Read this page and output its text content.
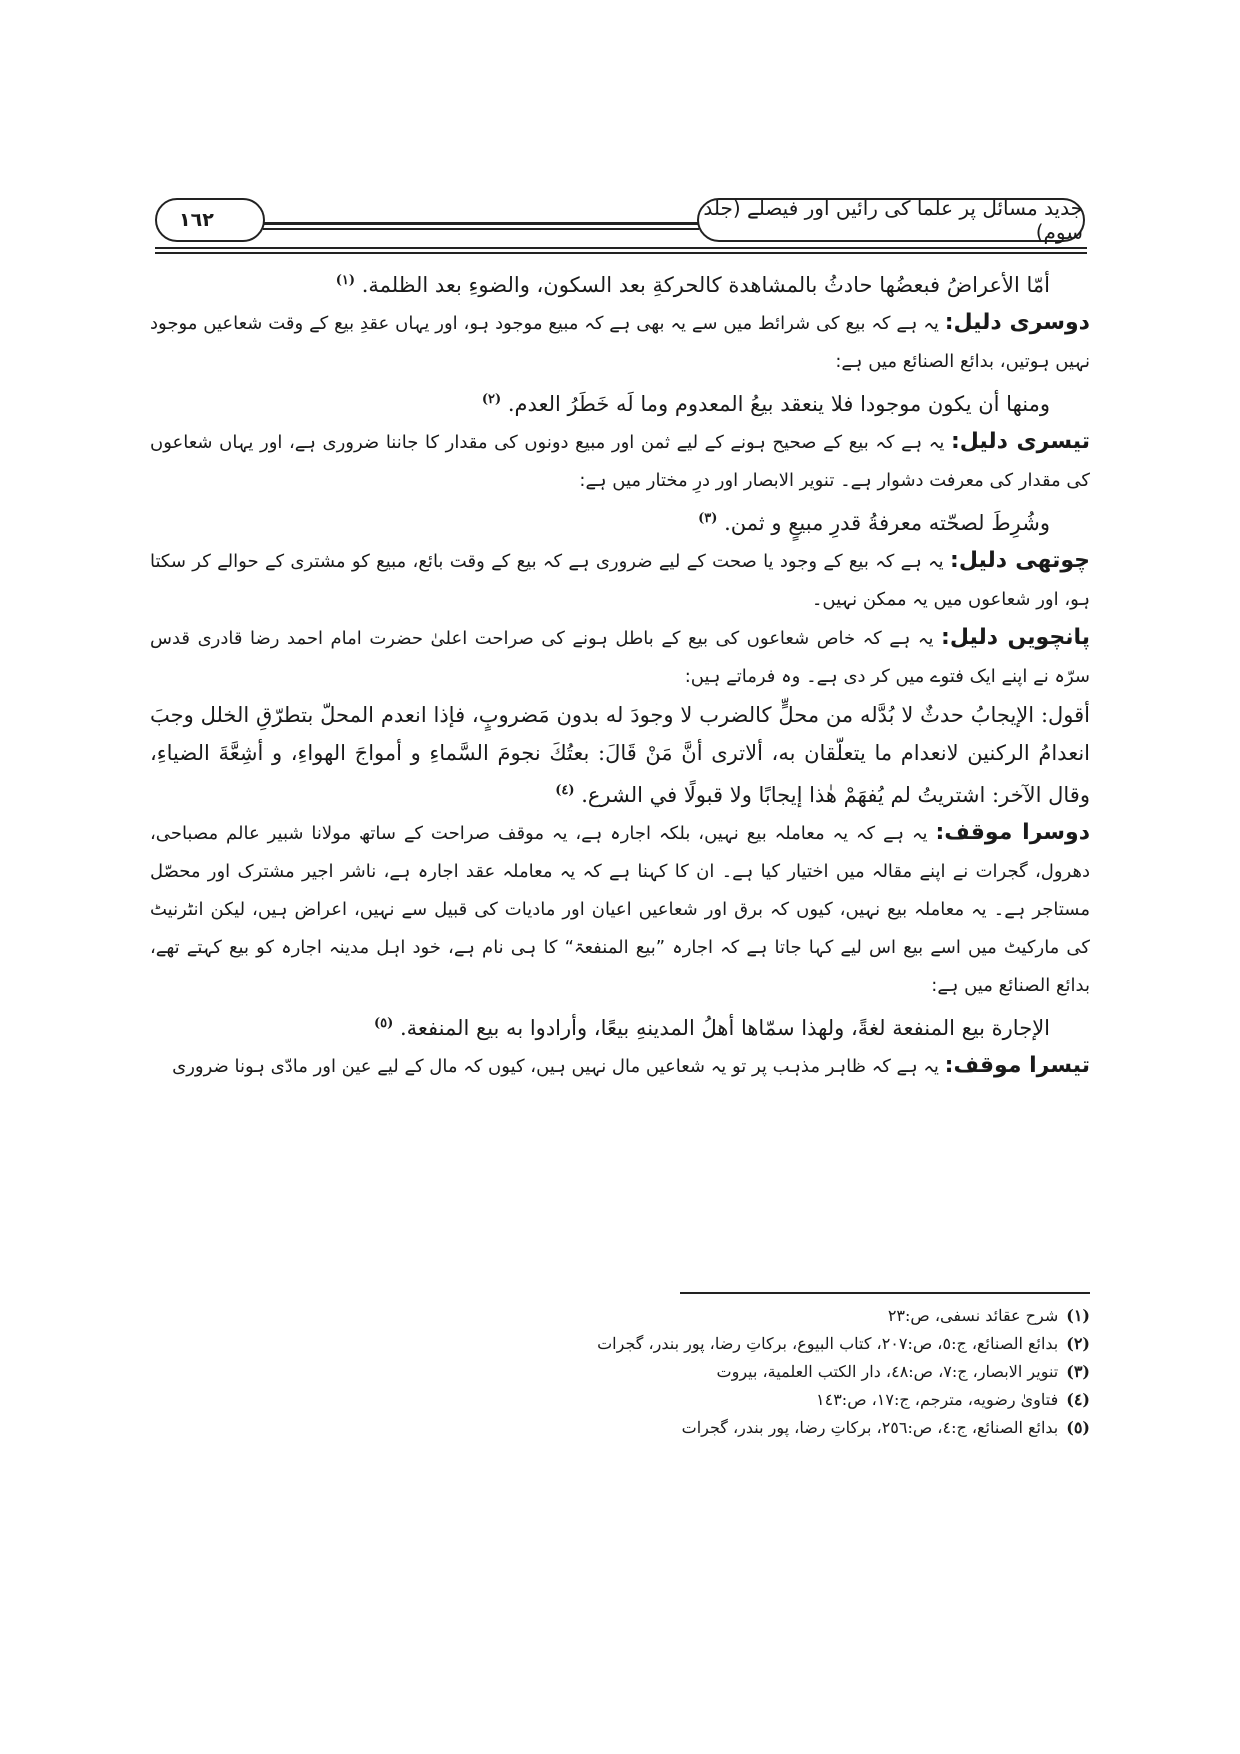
١٦٢	جدید مسائل پر علما کی رائیں اور فیصلے (جلد سوم)

أمّا الأعراضُ فبعضُها حادثُ بالمشاهدة كالحركةِ بعد السكون، والضوءِ بعد الظلمة. $^{(١)}$

دوسری دلیل: یہ ہے کہ بیع کی شرائط میں سے یہ بھی ہے کہ مبیع موجود ہو، اور یہاں عقدِ بیع کے وقت شعاعیں موجود نہیں ہوتیں، بدائع الصنائع میں ہے:

ومنها أن یکون موجودا فلا ینعقد بیعُ المعدوم وما لَه خَطَرُ العدم. $^{(٢)}$

تیسری دلیل: یہ ہے کہ بیع کے صحیح ہونے کے لیے ثمن اور مبیع دونوں کی مقدار کا جاننا ضروری ہے، اور یہاں شعاعوں کی مقدار کی معرفت دشوار ہے۔ تنویر الابصار اور درِ مختار میں ہے:

وشُرِطَ لصحّته معرفةُ قدرِ مبیعٍ و ثمن. $^{(٣)}$

چوتھی دلیل: یہ ہے کہ بیع کے وجود یا صحت کے لیے ضروری ہے کہ بیع کے وقت بائع، مبیع کو مشتری کے حوالے کر سکتا ہو، اور شعاعوں میں یہ ممکن نہیں۔

پانچویں دلیل: یہ ہے کہ خاص شعاعوں کی بیع کے باطل ہونے کی صراحت اعلیٰ حضرت امام احمد رضا قادری قدس سرّہ نے اپنے ایک فتوے میں کر دی ہے۔ وہ فرماتے ہیں:

أقول: الإیجابُ حدثٌ لا بُدَّله من محلٍّ کالضرب لا وجودَ له بدون مَضروبٍ، فإذا انعدم المحلّ بتطرّقِ الخلل وجبَ انعدامُ الرکنین لانعدام ما یتعلّقان به، ألاتری أنَّ مَنْ قَالَ: بعتُكَ نجومَ السَّماءِ و أمواجَ الهواءِ، و أشِعَّةَ الضیاءِ، وقال الآخر: اشتریتُ لم یُفهَمْ هٰذا إیجابًا ولا قبولًا في الشرع. $^{(٤)}$

دوسرا موقف: یہ ہے کہ یہ معاملہ بیع نہیں، بلکہ اجارہ ہے، یہ موقف صراحت کے ساتھ مولانا شبیر عالم مصباحی، دھرول، گجرات نے اپنے مقالہ میں اختیار کیا ہے۔ ان کا کہنا ہے کہ یہ معاملہ عقد اجارہ ہے، ناشر اجیر مشترک اور محصّل مستاجر ہے۔ یہ معاملہ بیع نہیں، کیوں کہ برق اور شعاعیں اعیان اور مادیات کی قبیل سے نہیں، اعراض ہیں، لیکن انٹرنیٹ کی مارکیٹ میں اسے بیع اس لیے کہا جاتا ہے کہ اجارہ ”بیع المنفعۃ“ کا ہی نام ہے، خود اہل مدینہ اجارہ کو بیع کہتے تھے، بدائع الصنائع میں ہے:

الإجارة بیع المنفعة لغةً، ولهذا سمّاها أهلُ المدینهِ بیعًا، وأرادوا به بیع المنفعة. $^{(٥)}$

تیسرا موقف: یہ ہے کہ ظاہر مذہب پر تو یہ شعاعیں مال نہیں ہیں، کیوں کہ مال کے لیے عین اور مادّی ہونا ضروری

(١)شرح عقائد نسفی، ص:٢٣
(٢)بدائع الصنائع، ج:٥، ص:٢٠٧، کتاب البیوع، برکاتِ رضا، پور بندر، گجرات
(٣)تنویر الابصار، ج:٧، ص:٤٨، دار الکتب العلمیة، بیروت
(٤)فتاویٰ رضویه، مترجم، ج:١٧، ص:١٤٣
(٥)بدائع الصنائع، ج:٤، ص:٢٥٦، برکاتِ رضا، پور بندر، گجرات
